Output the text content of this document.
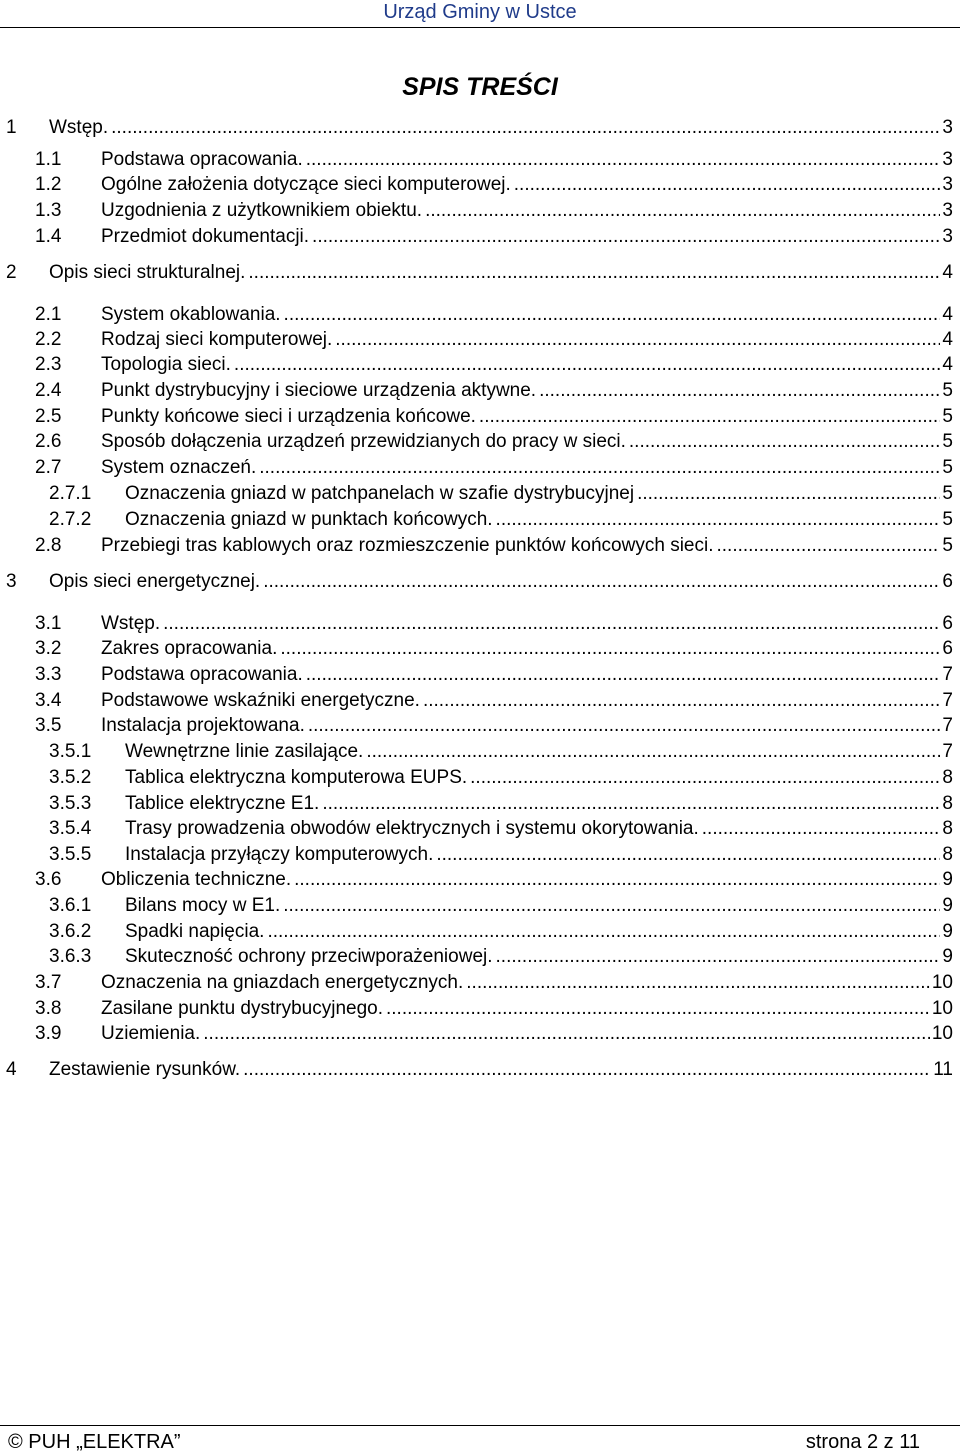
Urząd Gminy w Ustce
SPIS TREŚCI
1 Wstęp. .....	3
1.1 Podstawa opracowania. .....	3
1.2 Ogólne założenia dotyczące sieci komputerowej. .....	3
1.3 Uzgodnienia z użytkownikiem obiektu. .....	3
1.4 Przedmiot dokumentacji. .....	3
2 Opis sieci strukturalnej. .....	4
2.1 System okablowania. .....	4
2.2 Rodzaj sieci komputerowej. .....	4
2.3 Topologia sieci. .....	4
2.4 Punkt dystrybucyjny i sieciowe urządzenia aktywne. .....	5
2.5 Punkty końcowe sieci i urządzenia końcowe. .....	5
2.6 Sposób dołączenia urządzeń przewidzianych do pracy w sieci. .....	5
2.7 System oznaczeń. .....	5
2.7.1 Oznaczenia gniazd w patchpanelach w szafie dystrybucyjnej .....	5
2.7.2 Oznaczenia gniazd w punktach końcowych. .....	5
2.8 Przebiegi tras kablowych oraz rozmieszczenie punktów końcowych sieci. .....	5
3 Opis sieci energetycznej. .....	6
3.1 Wstęp. .....	6
3.2 Zakres opracowania. .....	6
3.3 Podstawa opracowania. .....	7
3.4 Podstawowe wskaźniki energetyczne. .....	7
3.5 Instalacja projektowana. .....	7
3.5.1 Wewnętrzne linie zasilające. .....	7
3.5.2 Tablica elektryczna komputerowa EUPS. .....	8
3.5.3 Tablice elektryczne E1. .....	8
3.5.4 Trasy prowadzenia obwodów elektrycznych i systemu okorytowania. .....	8
3.5.5 Instalacja przyłączy komputerowych. .....	8
3.6 Obliczenia techniczne. .....	9
3.6.1 Bilans mocy w E1. .....	9
3.6.2 Spadki napięcia. .....	9
3.6.3 Skuteczność ochrony przeciwporażeniowej. .....	9
3.7 Oznaczenia na gniazdach energetycznych. .....	10
3.8 Zasilane punktu dystrybucyjnego. .....	10
3.9 Uziemienia. .....	10
4 Zestawienie rysunków. .....	11
© PUH „ELEKTRA”	strona 2 z 11
